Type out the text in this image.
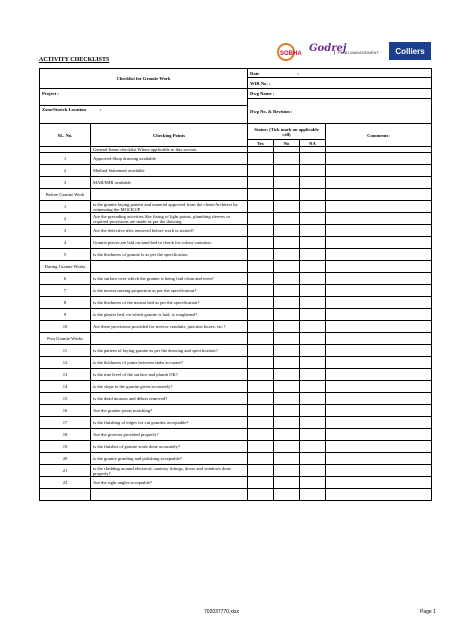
ACTIVITY CHECKLISTS
SOBHA Godrej
FUND MANAGEMENT Colliers
Checklist for Granite Work		Date :			
		WIR No. :			
Project :		Dwg Name :			
		Dwg No. & Revision :			
Zone/Stretch Location :					
SL. No.	Checking Points	Status: (Tick mark on applicable cell)			Comments:
		Yes	No	NA	
	General Items checklist Where applicable to this section.				
1	Approved Shop drawing available				
2	Method Statement available				
3	MAR/MIR available				
Before Granite Work					
1	is the granite laying pattern and material approved from the client/Architect by witnessing the MOCKUP				
2	Are the preceding activities like fixing of light points, plumbing sleeves or required provisions are made as per the drawing				
3	Are the defective tiles removed before work is started?				
4	Granite pieces are laid on sand bed to check for colour variation.				
5	is the thickness of granite is as per the specification				
During Granite Works					
6	is the surface over which the granite is being laid clean and even?				
7	is the mortar mixing proportion as per the specification?				
8	is the thickness of the mortar bed as per the specification?				
9	is the plaster bed, on which granite is laid, is roughened?				
10	Are there provisions provided for service conduits, junction boxes, etc.?				
Post Granite Works					
11	is the pattern of laying granite as per the drawing and specification?				
12	is the thickness of joints between slabs accurate?				
13	is the true level of the surface and plumb OK?				
14	is the slope to the granite given accurately?				
15	is the dead mortars and debris removed?				
16	Are the granite joints matching?				
17	is the finishing of edges for cut granites acceptable?				
18	Are the grooves provided properly?				
19	is the finishes of granite work done accurately?				
20	is the granite grinding and polishing acceptable?				
21	is the cladding around electrical, sanitary fittings, doors and windows done properly?				
22	Are the right angles acceptable?				

702037770.xlsx	Page 1
